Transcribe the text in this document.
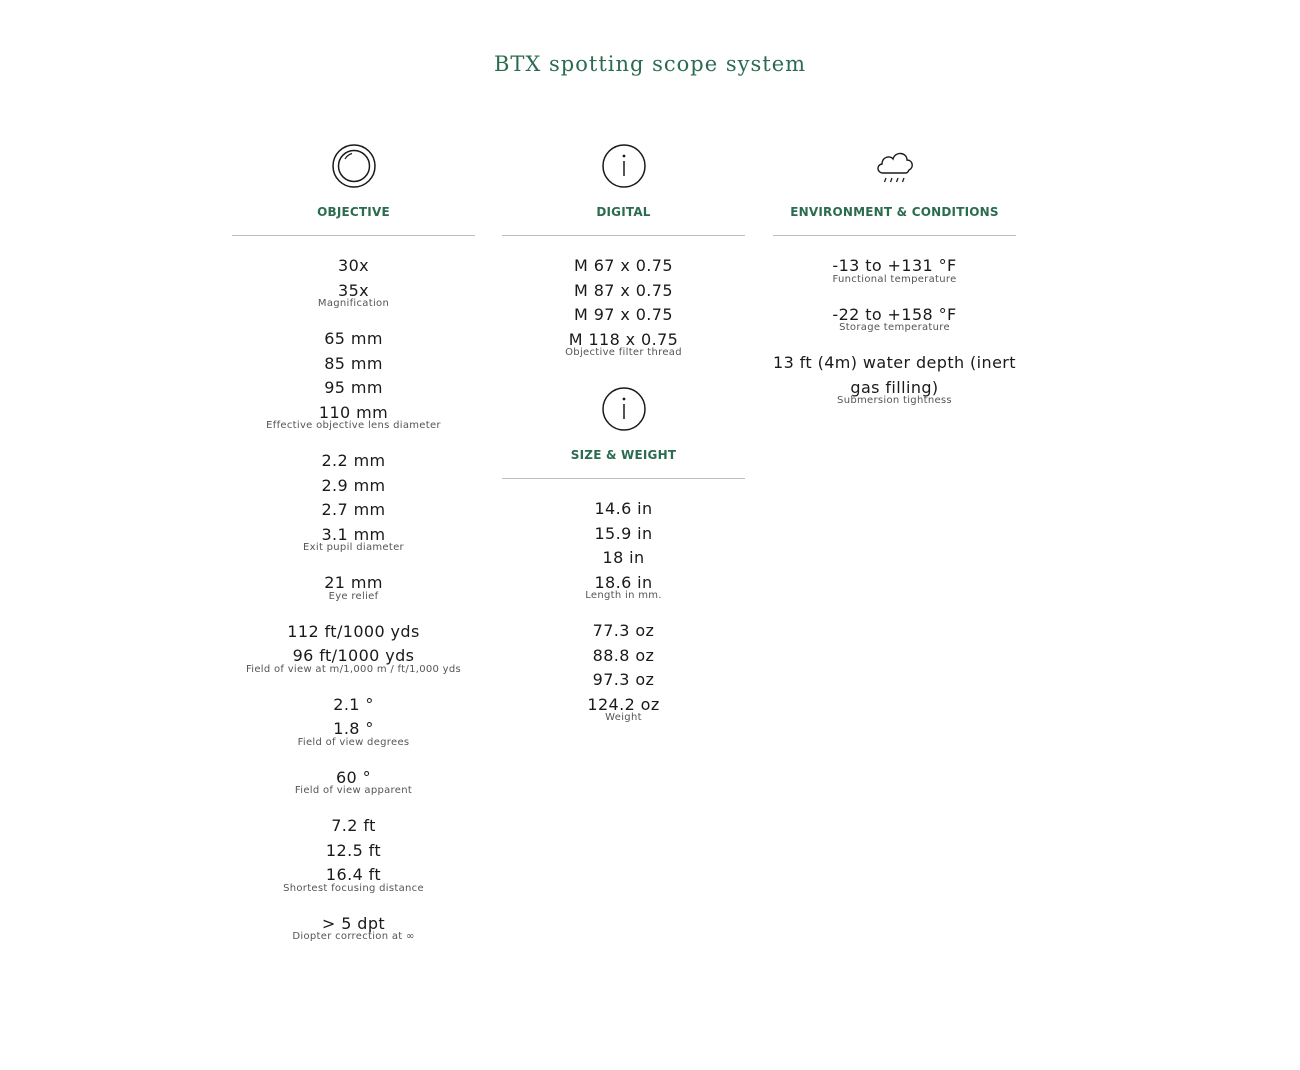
BTX spotting scope system
OBJECTIVE
30x
35x
Magnification
65 mm
85 mm
95 mm
110 mm
Effective objective lens diameter
2.2 mm
2.9 mm
2.7 mm
3.1 mm
Exit pupil diameter
21 mm
Eye relief
112 ft/1000 yds
96 ft/1000 yds
Field of view at m/1,000 m / ft/1,000 yds
2.1 °
1.8 °
Field of view degrees
60 °
Field of view apparent
7.2 ft
12.5 ft
16.4 ft
Shortest focusing distance
> 5 dpt
Diopter correction at ∞
DIGITAL
M 67 x 0.75
M 87 x 0.75
M 97 x 0.75
M 118 x 0.75
Objective filter thread
SIZE & WEIGHT
14.6 in
15.9 in
18 in
18.6 in
Length in mm.
77.3 oz
88.8 oz
97.3 oz
124.2 oz
Weight
ENVIRONMENT & CONDITIONS
-13 to +131 °F
Functional temperature
-22 to +158 °F
Storage temperature
13 ft (4m) water depth (inert gas filling)
Submersion tightness
